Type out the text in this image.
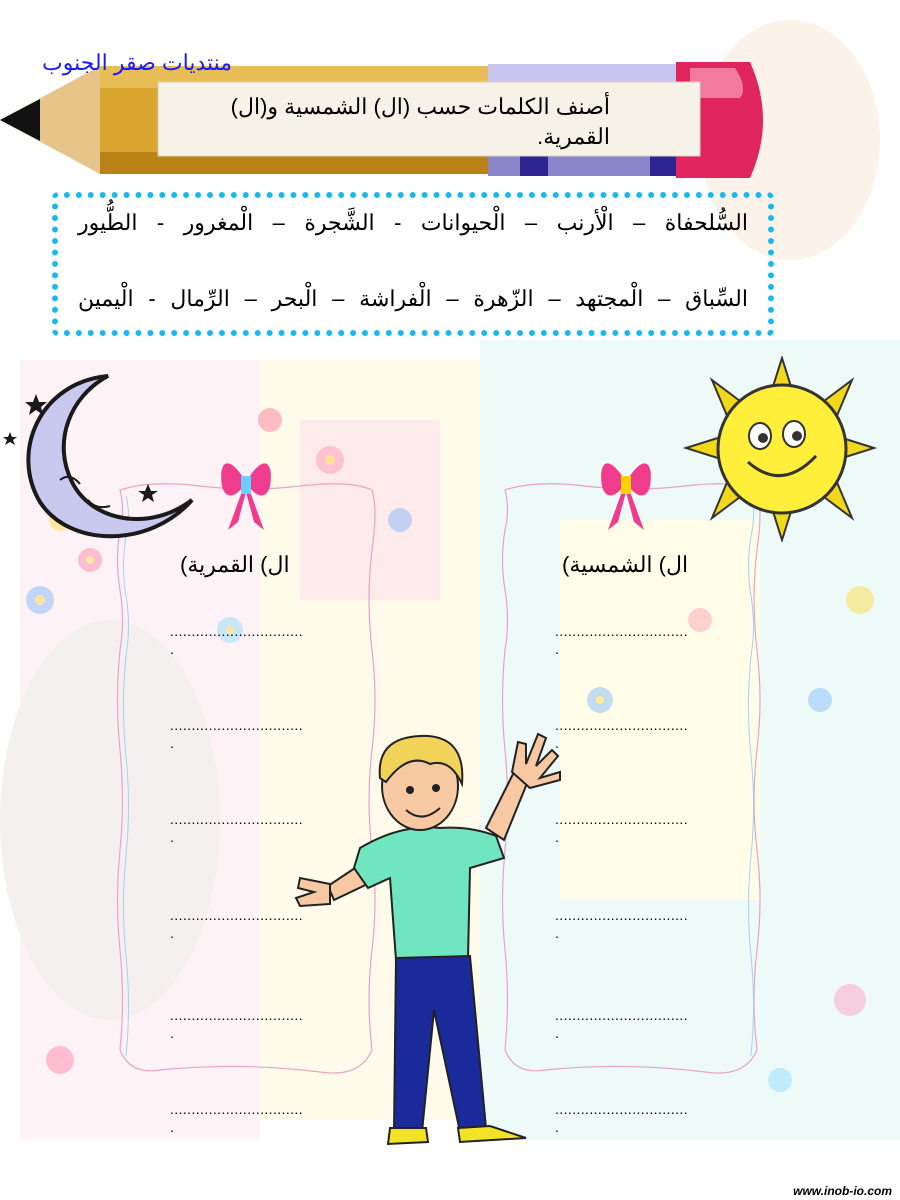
منتديات صقر الجنوب
أصنف الكلمات حسب (ال) الشمسية و(ال) القمرية.
السُّلحفاة – الْأرنب – الْحيوانات - الشَّجرة – الْمغرور - الطُّيور
السِّباق – الْمجتهد – الزّهرة – الْفراشة – الْبحر – الرِّمال - الْيمين
ال) القمرية)	ال) الشمسية)
...............................
.
...............................
.
...............................
.
...............................
.
...............................
.
...............................
.
...............................
.
...............................
.
...............................
.
...............................
.
...............................
.
...............................
.
www.inob-io.com
